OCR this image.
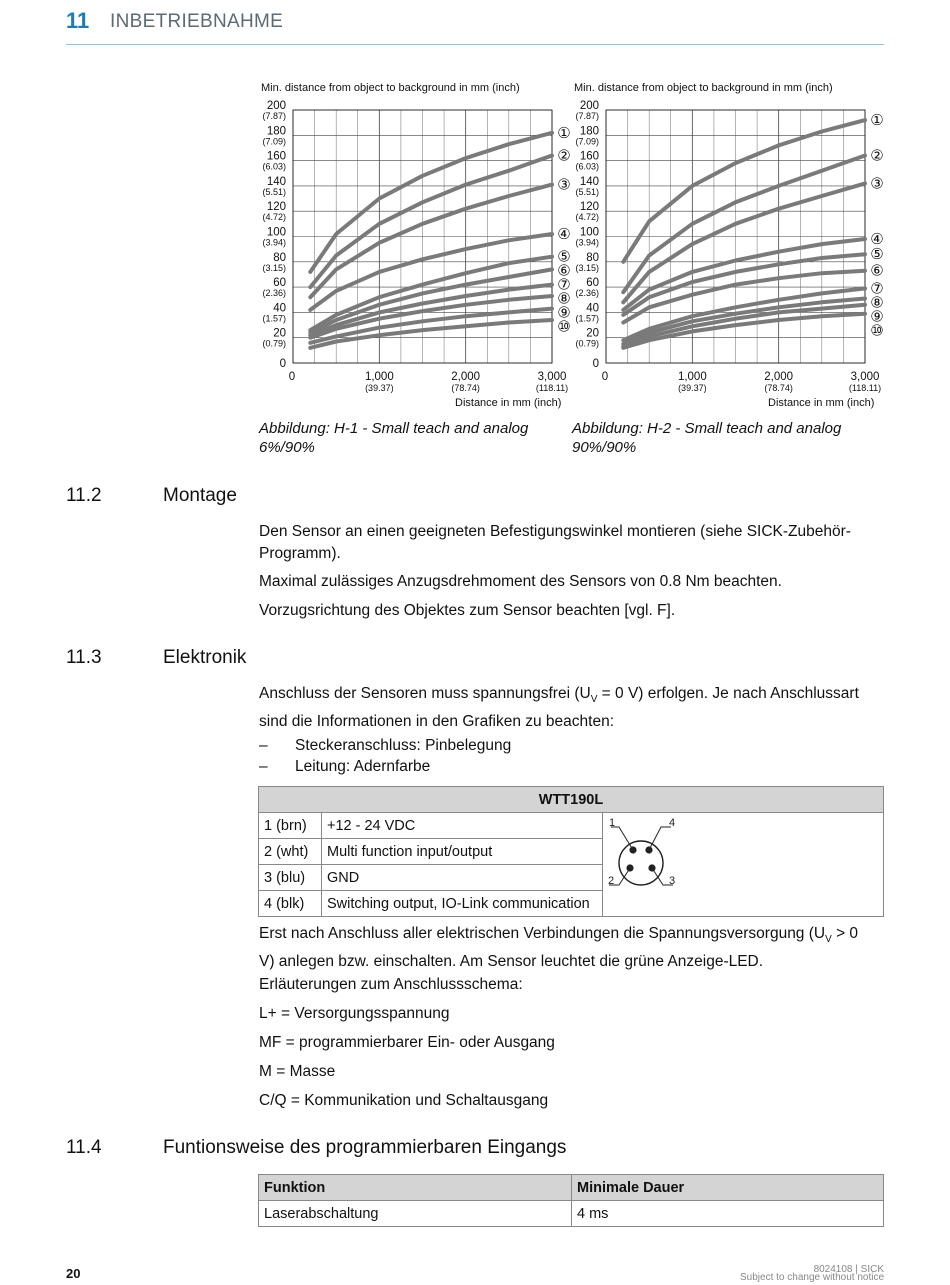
11 INBETRIEBNAHME
Min. distance from object to background in mm (inch)
200
(7.87)
180
(7.09)
160
(6.03)
140
(5.51)
120
(4.72)
100
(3.94)
80
(3.15)
60
(2.36)
40
(1.57)
20
(0.79)
0
0	1,000
(39.37)
2,000
(78.74)
3,000
(118.11)
Distance in mm (inch)
①
②
③
④
⑤
⑥
⑦
⑧
⑨
⑩
Min. distance from object to background in mm (inch)
200
(7.87)
180
(7.09)
160
(6.03)
140
(5.51)
120
(4.72)
100
(3.94)
80
(3.15)
60
(2.36)
40
(1.57)
20
(0.79)
0
0	1,000
(39.37)
2,000
(78.74)
3,000
(118.11)
Distance in mm (inch)
①
②
③
④
⑤
⑥
⑦
⑧
⑨
⑩
Abbildung: H-1 - Small teach and analog
6%/90%
Abbildung: H-2 - Small teach and analog
90%/90%
11.2	Montage
Den Sensor an einen geeigneten Befestigungswinkel montieren (siehe SICK-Zubehör-
Programm).
Maximal zulässiges Anzugsdrehmoment des Sensors von 0.8 Nm beachten.
Vorzugsrichtung des Objektes zum Sensor beachten [vgl. F].
11.3	Elektronik
Anschluss der Sensoren muss spannungsfrei ($U_V = 0$ V) erfolgen. Je nach Anschlussart
sind die Informationen in den Grafiken zu beachten:
– Steckeranschluss: Pinbelegung
– Leitung: Adernfarbe
WTT190L		
1 (brn)	+12 - 24 VDC	1 4
2 3

2 (wht)	Multi function input/output	
3 (blu)	GND	
4 (blk)	Switching output, IO-Link communication	
Erst nach Anschluss aller elektrischen Verbindungen die Spannungsversorgung ($U_V > 0$
V) anlegen bzw. einschalten. Am Sensor leuchtet die grüne Anzeige-LED.
Erläuterungen zum Anschlussschema:
L+ = Versorgungsspannung
MF = programmierbarer Ein- oder Ausgang
M = Masse
C/Q = Kommunikation und Schaltausgang
11.4	Funtionsweise des programmierbaren Eingangs
Funktion	Minimale Dauer
Laserabschaltung	4 ms
20	8024108 | SICK
Subject to change without notice
